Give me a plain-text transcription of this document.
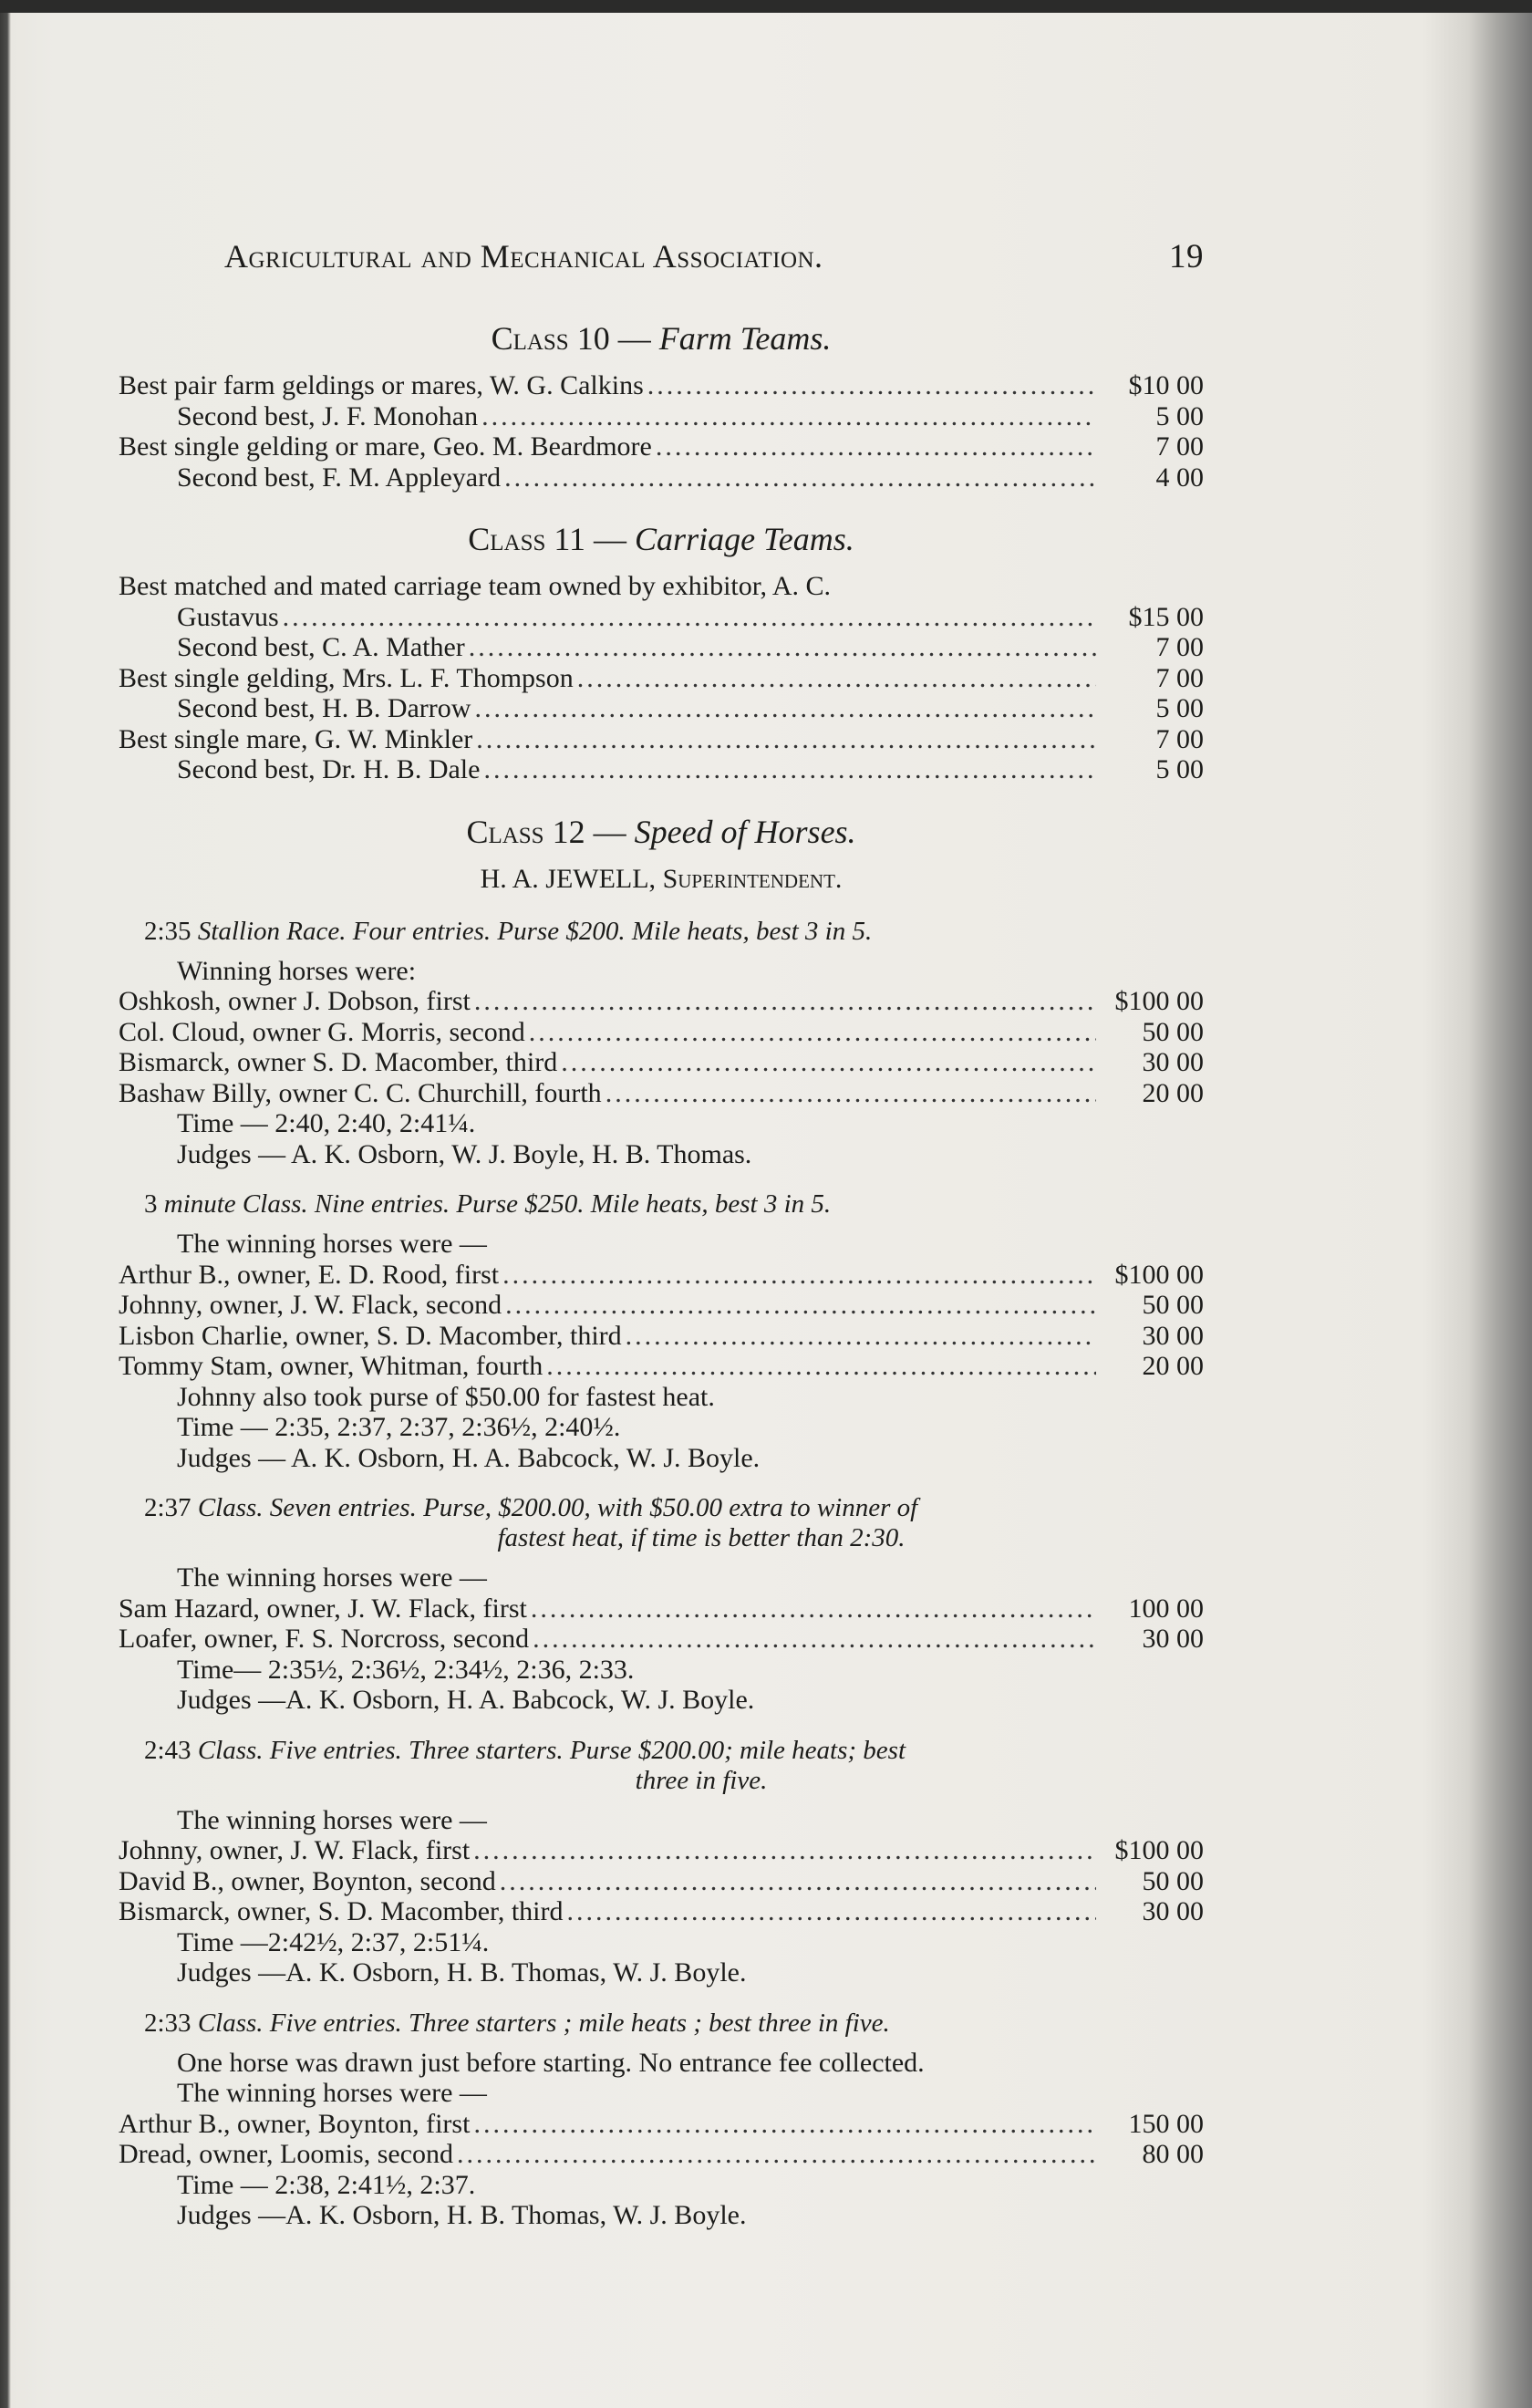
Agricultural and Mechanical Association.	19
Class 10 — Farm Teams.
Best pair farm geldings or mares, W. G. Calkins .....	$10 00
Second best, J. F. Monohan .....	5 00
Best single gelding or mare, Geo. M. Beardmore .....	7 00
Second best, F. M. Appleyard .....	4 00
Class 11 — Carriage Teams.
Best matched and mated carriage team owned by exhibitor, A. C.
Gustavus .....	$15 00
Second best, C. A. Mather .....	7 00
Best single gelding, Mrs. L. F. Thompson .....	7 00
Second best, H. B. Darrow .....	5 00
Best single mare, G. W. Minkler .....	7 00
Second best, Dr. H. B. Dale .....	5 00
Class 12 — Speed of Horses.
H. A. JEWELL, Superintendent.
2:35 Stallion Race. Four entries. Purse $200. Mile heats, best 3 in 5.
Winning horses were:
Oshkosh, owner J. Dobson, first .....	$100 00
Col. Cloud, owner G. Morris, second .....	50 00
Bismarck, owner S. D. Macomber, third .....	30 00
Bashaw Billy, owner C. C. Churchill, fourth .....	20 00
Time — 2:40, 2:40, 2:41¼.
Judges — A. K. Osborn, W. J. Boyle, H. B. Thomas.
3 minute Class. Nine entries. Purse $250. Mile heats, best 3 in 5.
The winning horses were —
Arthur B., owner, E. D. Rood, first .....	$100 00
Johnny, owner, J. W. Flack, second .....	50 00
Lisbon Charlie, owner, S. D. Macomber, third .....	30 00
Tommy Stam, owner, Whitman, fourth .....	20 00
Johnny also took purse of $50.00 for fastest heat.
Time — 2:35, 2:37, 2:37, 2:36½, 2:40½.
Judges — A. K. Osborn, H. A. Babcock, W. J. Boyle.
2:37 Class. Seven entries. Purse, $200.00, with $50.00 extra to winner of
fastest heat, if time is better than 2:30.
The winning horses were —
Sam Hazard, owner, J. W. Flack, first .....	100 00
Loafer, owner, F. S. Norcross, second .....	30 00
Time— 2:35½, 2:36½, 2:34½, 2:36, 2:33.
Judges —A. K. Osborn, H. A. Babcock, W. J. Boyle.
2:43 Class. Five entries. Three starters. Purse $200.00; mile heats; best
three in five.
The winning horses were —
Johnny, owner, J. W. Flack, first .....	$100 00
David B., owner, Boynton, second .....	50 00
Bismarck, owner, S. D. Macomber, third .....	30 00
Time —2:42½, 2:37, 2:51¼.
Judges —A. K. Osborn, H. B. Thomas, W. J. Boyle.
2:33 Class. Five entries. Three starters ; mile heats ; best three in five.
One horse was drawn just before starting. No entrance fee collected.
The winning horses were —
Arthur B., owner, Boynton, first .....	150 00
Dread, owner, Loomis, second .....	80 00
Time — 2:38, 2:41½, 2:37.
Judges —A. K. Osborn, H. B. Thomas, W. J. Boyle.
